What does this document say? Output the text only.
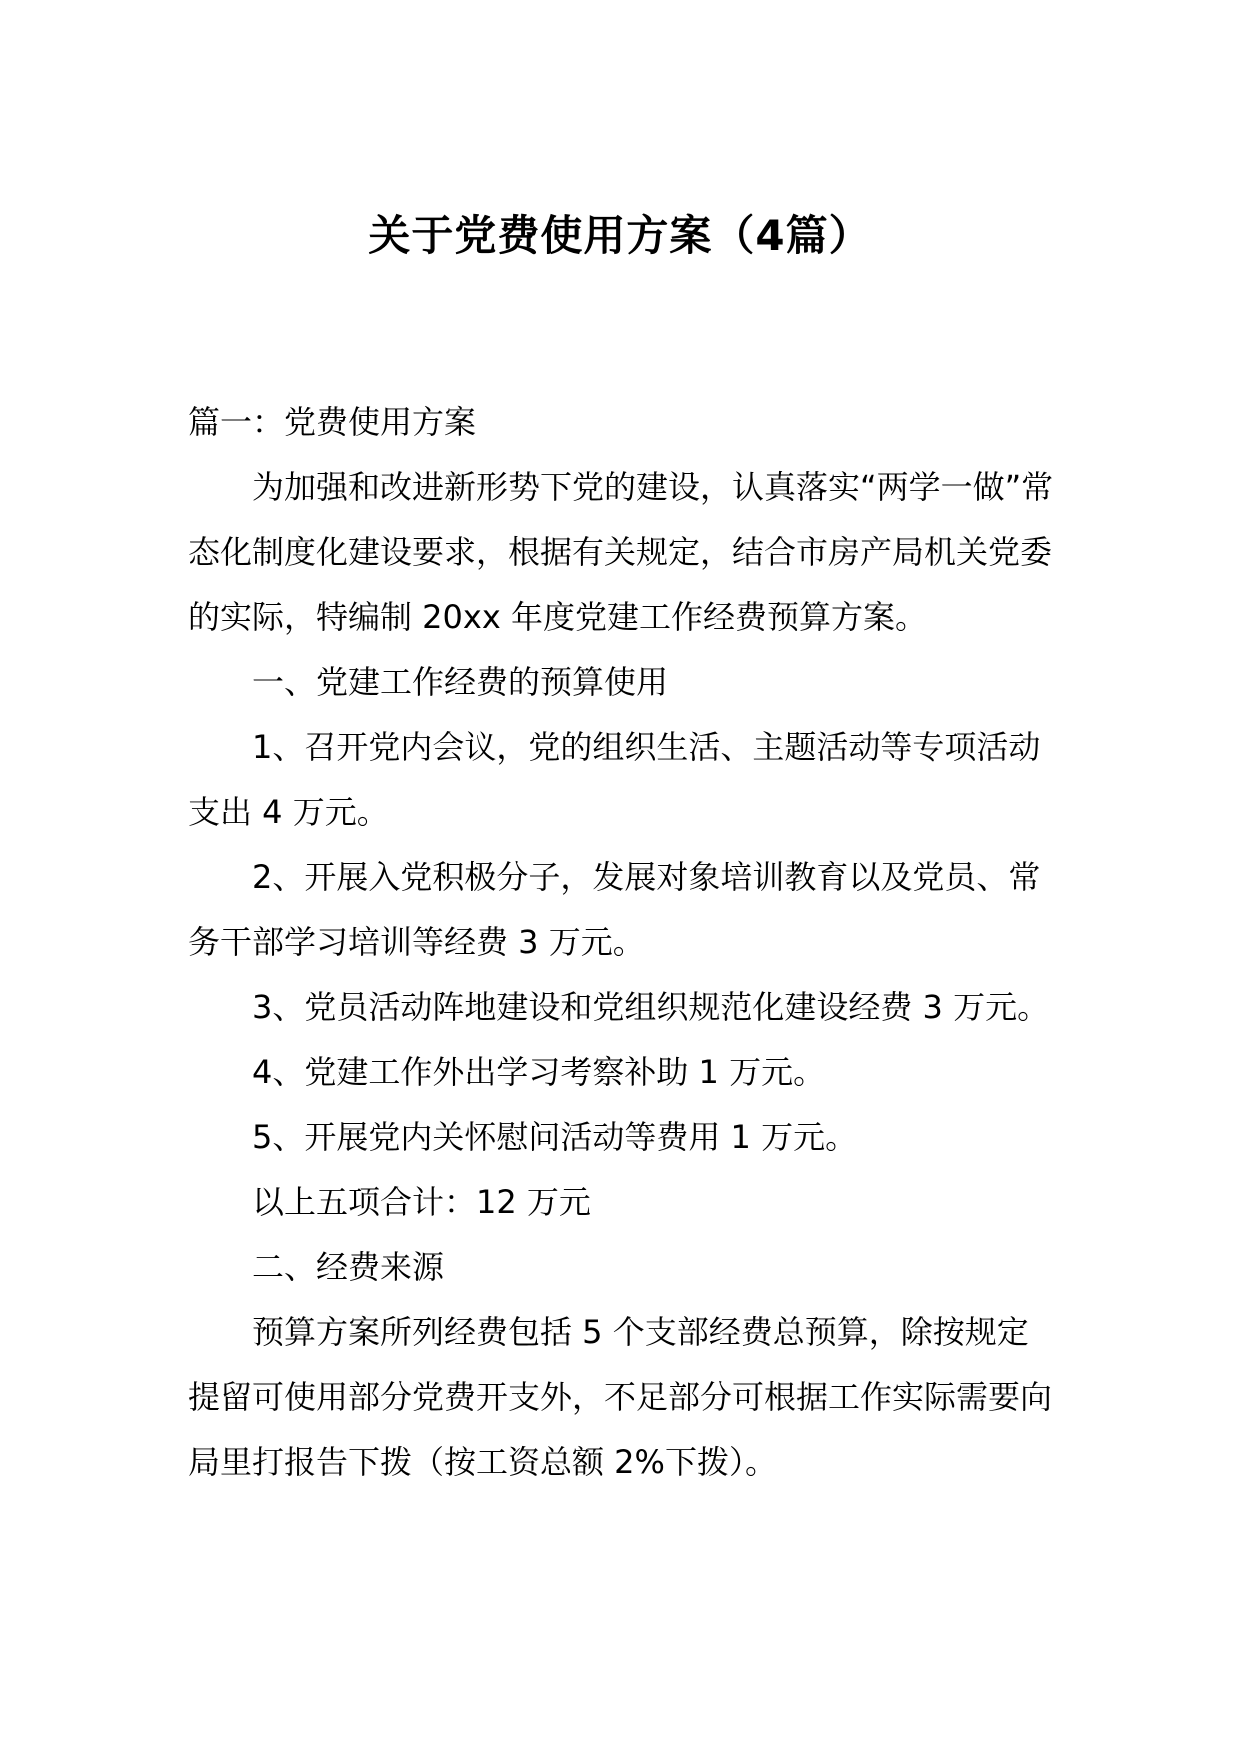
关于党费使用方案（4篇）

篇一：党费使用方案

为加强和改进新形势下党的建设，认真落实“两学一做”常态化制度化建设要求，根据有关规定，结合市房产局机关党委的实际，特编制 20xx 年度党建工作经费预算方案。

一、党建工作经费的预算使用

1、召开党内会议，党的组织生活、主题活动等专项活动支出 4 万元。

2、开展入党积极分子，发展对象培训教育以及党员、常务干部学习培训等经费 3 万元。

3、党员活动阵地建设和党组织规范化建设经费 3 万元。

4、党建工作外出学习考察补助 1 万元。

5、开展党内关怀慰问活动等费用 1 万元。

以上五项合计：12 万元

二、经费来源

预算方案所列经费包括 5 个支部经费总预算，除按规定提留可使用部分党费开支外，不足部分可根据工作实际需要向局里打报告下拨（按工资总额 2%下拨）。
